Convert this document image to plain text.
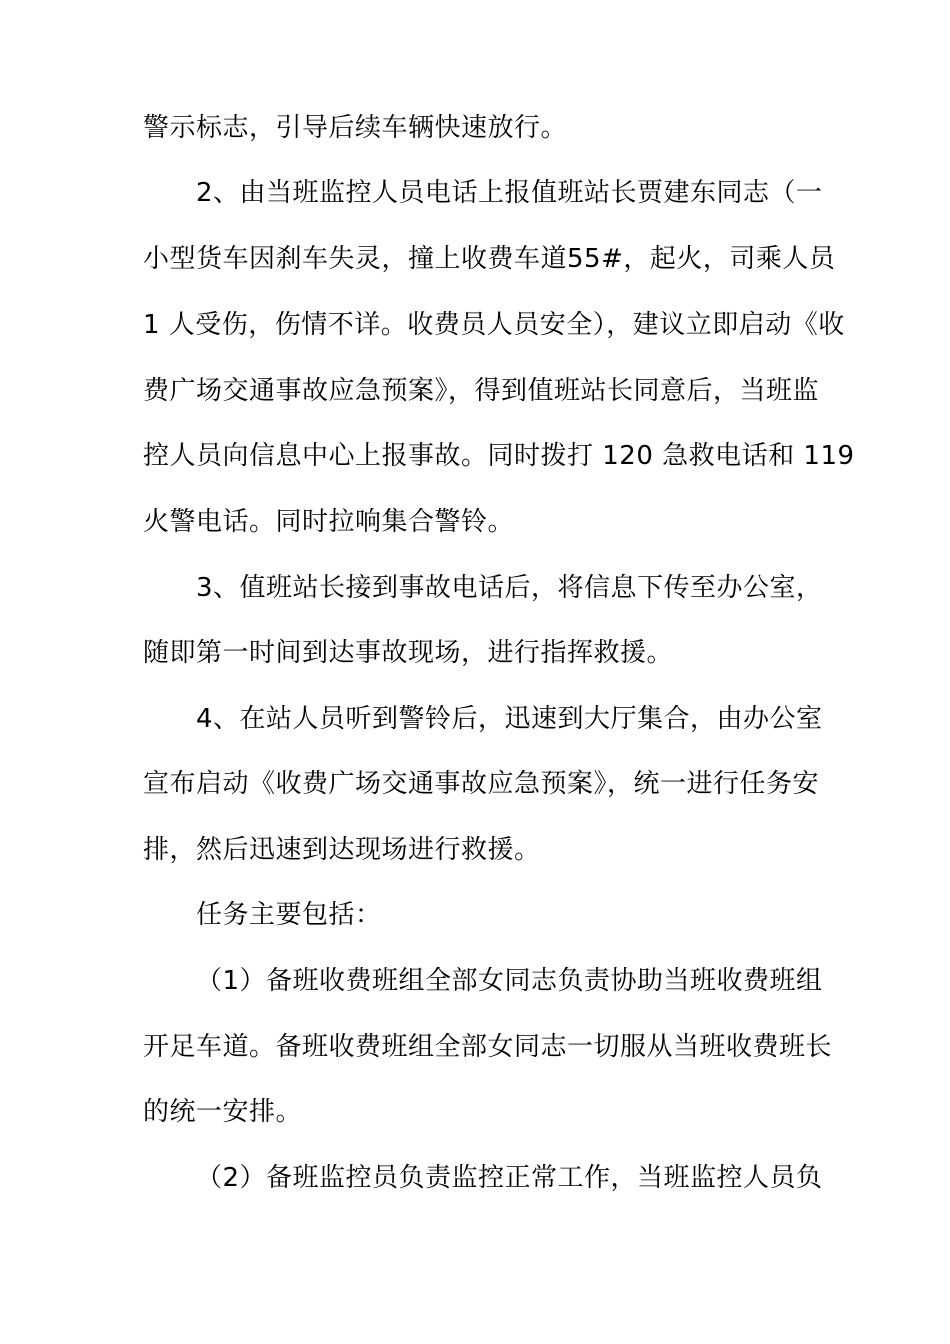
警示标志，引导后续车辆快速放行。
2、由当班监控人员电话上报值班站长贾建东同志（一
小型货车因刹车失灵，撞上收费车道55#，起火，司乘人员
1 人受伤，伤情不详。收费员人员安全），建议立即启动《收
费广场交通事故应急预案》，得到值班站长同意后，当班监
控人员向信息中心上报事故。同时拨打 120 急救电话和 119
火警电话。同时拉响集合警铃。
3、值班站长接到事故电话后，将信息下传至办公室，
随即第一时间到达事故现场，进行指挥救援。
4、在站人员听到警铃后，迅速到大厅集合，由办公室
宣布启动《收费广场交通事故应急预案》，统一进行任务安
排，然后迅速到达现场进行救援。
任务主要包括：
（1）备班收费班组全部女同志负责协助当班收费班组
开足车道。备班收费班组全部女同志一切服从当班收费班长
的统一安排。
（2）备班监控员负责监控正常工作，当班监控人员负
